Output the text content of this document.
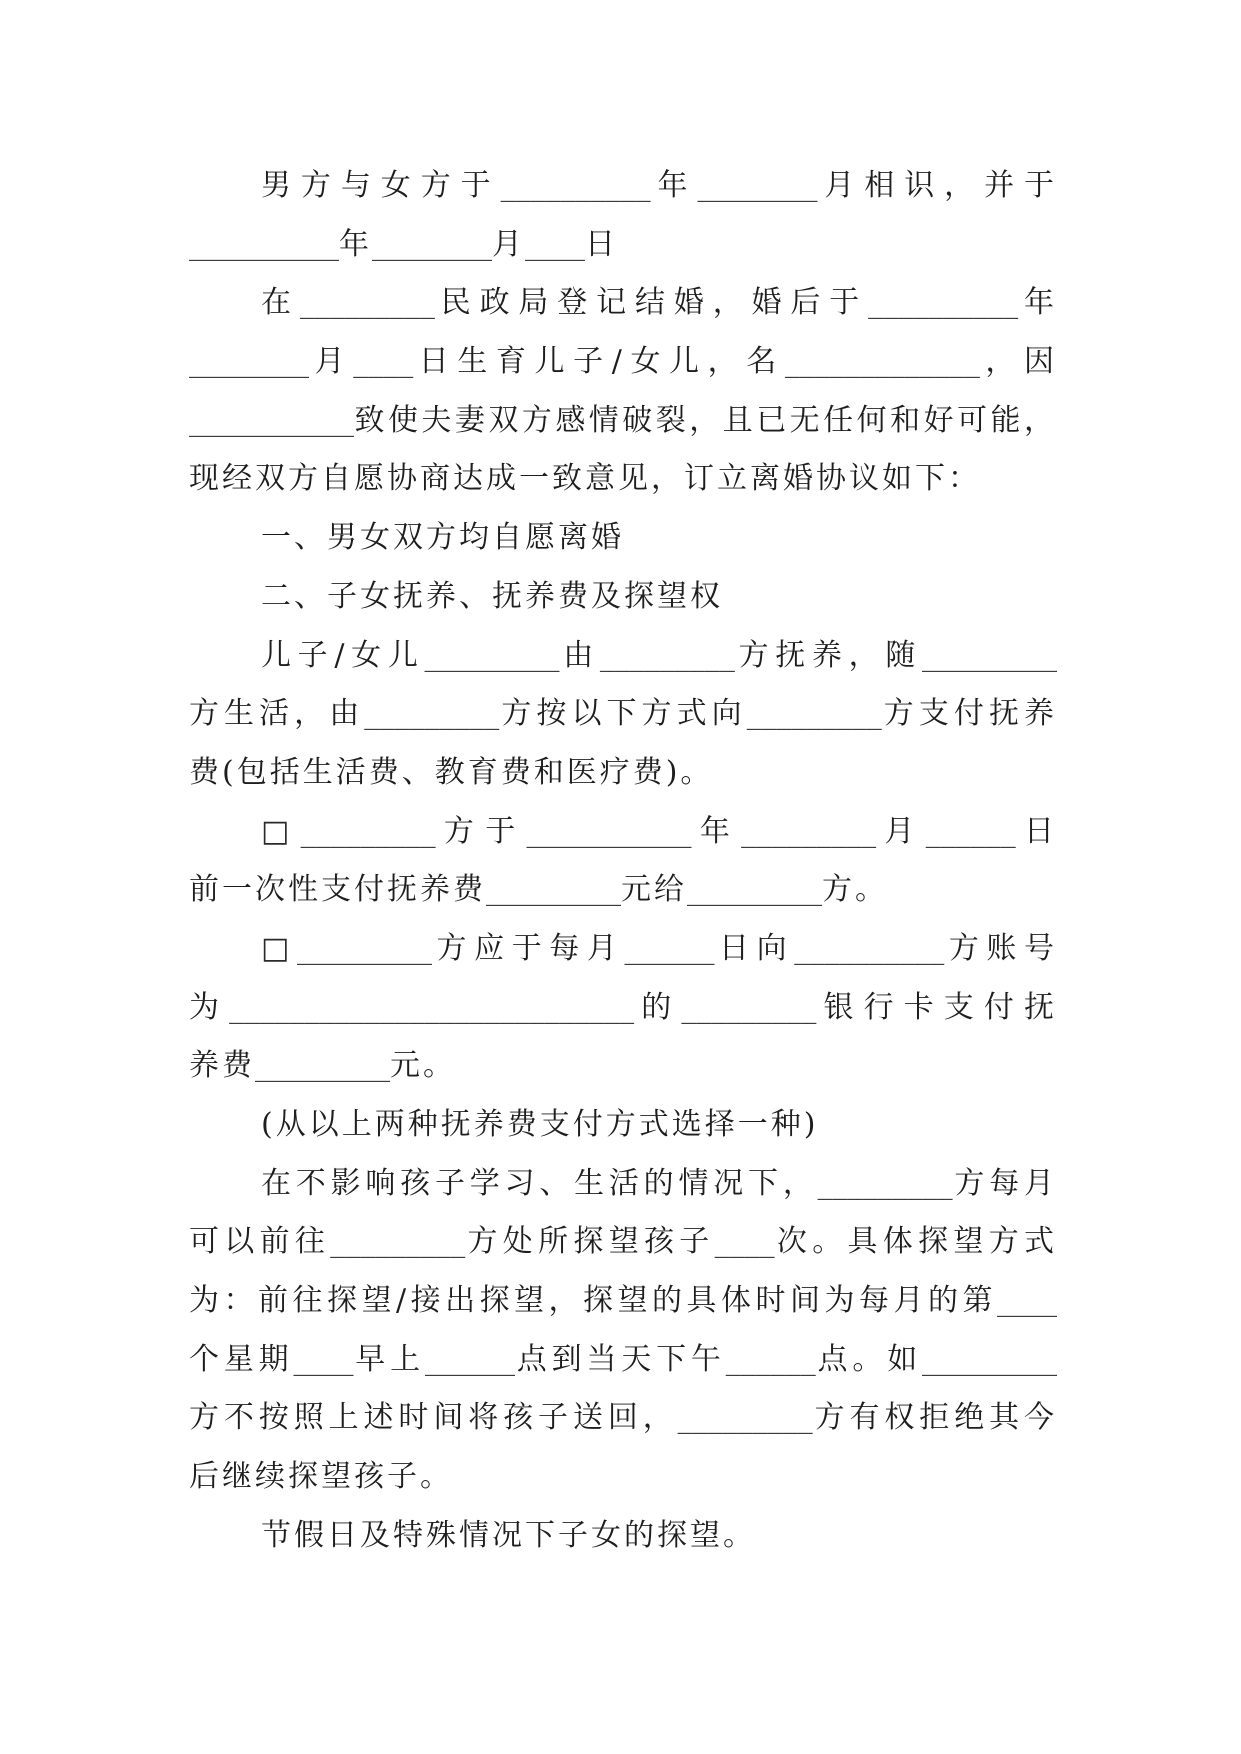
男方与女方于__________年________月相识，并于
__________年________月____日
在_________民政局登记结婚，婚后于__________年
________月____日生育儿子/女儿，名_____________，因
___________致使夫妻双方感情破裂，且已无任何和好可能，
现经双方自愿协商达成一致意见，订立离婚协议如下：
一、男女双方均自愿离婚
二、子女抚养、抚养费及探望权
儿子/女儿_________由_________方抚养，随_________
方生活，由_________方按以下方式向_________方支付抚养
费(包括生活费、教育费和医疗费)。
□_________方于___________年_________月______日
前一次性支付抚养费_________元给_________方。
□_________方应于每月______日向__________方账号
为___________________________的_________银行卡支付抚
养费_________元。
(从以上两种抚养费支付方式选择一种)
在不影响孩子学习、生活的情况下，_________方每月
可以前往_________方处所探望孩子____次。具体探望方式
为：前往探望/接出探望，探望的具体时间为每月的第____
个星期____早上______点到当天下午______点。如_________
方不按照上述时间将孩子送回，_________方有权拒绝其今
后继续探望孩子。
节假日及特殊情况下子女的探望。
